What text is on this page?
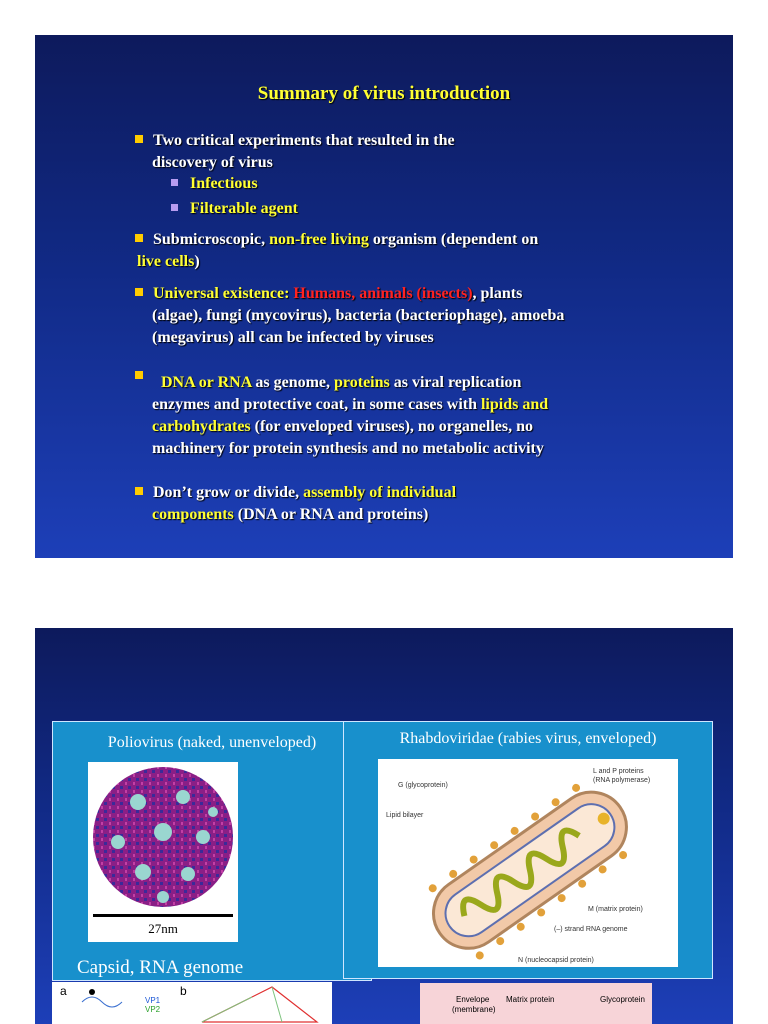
Summary of virus introduction
Two critical experiments that resulted in the
discovery of virus
Infectious
Filterable agent
Submicroscopic, non-free living organism (dependent on
live cells)
Universal existence: Humans, animals (insects), plants
(algae), fungi (mycovirus), bacteria (bacteriophage), amoeba
(megavirus) all can be infected by viruses
DNA or RNA as genome, proteins as viral replication
enzymes and protective coat, in some cases with lipids and
carbohydrates (for enveloped viruses), no organelles, no
machinery for protein synthesis and no metabolic activity
Don’t grow or divide, assembly of individual
components (DNA or RNA and proteins)
Poliovirus (naked, unenveloped)
27nm
Capsid, RNA genome
Rhabdoviridae (rabies virus, enveloped)
G (glycoprotein)
L and P proteins
(RNA polymerase)
Lipid bilayer
M (matrix protein)
(–) strand RNA genome
N (nucleocapsid protein)
a	b
VP1
VP2
Envelope
(membrane)
Matrix protein	Glycoprotein
